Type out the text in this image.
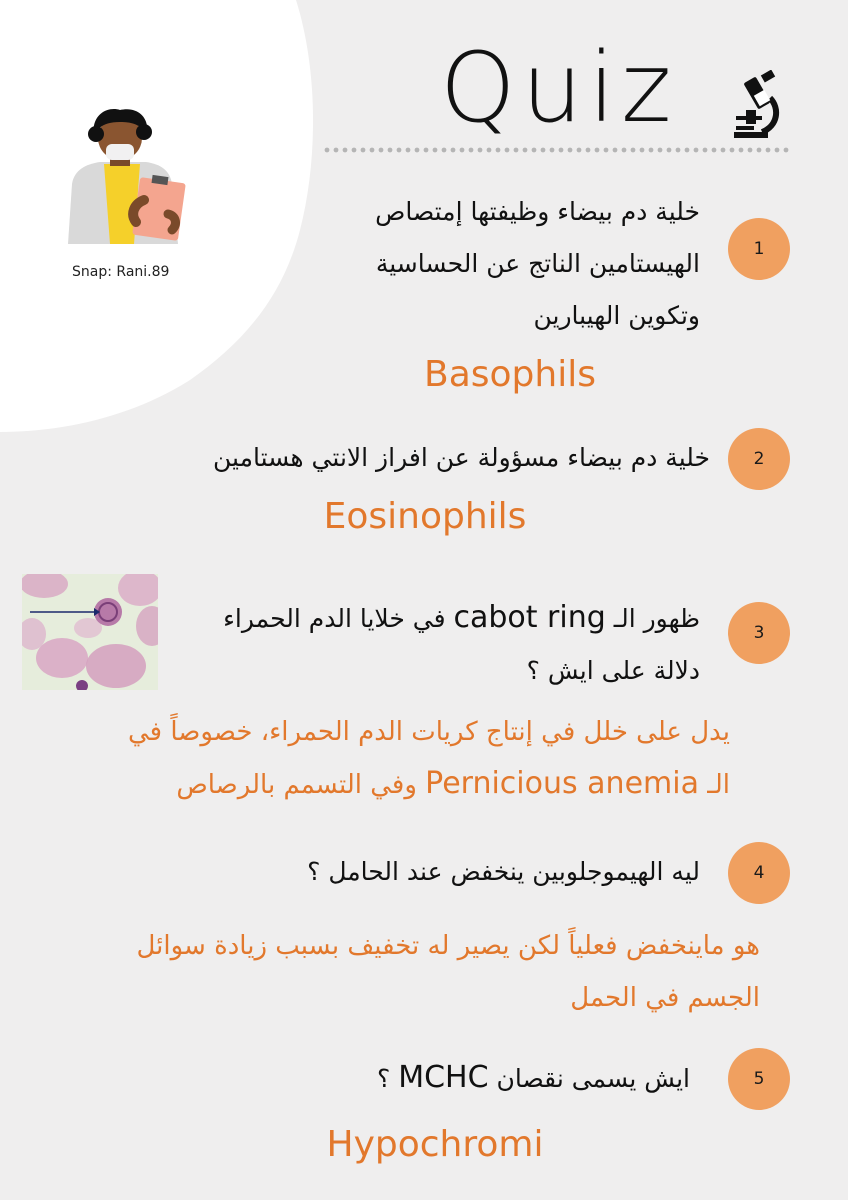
Quiz
Snap: Rani.89
1
خلية دم بيضاء وظيفتها إمتصاص الهيستامين الناتج عن الحساسية وتكوين الهيبارين
Basophils
2
خلية دم بيضاء مسؤولة عن افراز الانتي هستامين
Eosinophils
3
ظهور الـ cabot ring في خلايا الدم الحمراء دلالة على ايش ؟
يدل على خلل في إنتاج كريات الدم الحمراء، خصوصاً في الـ Pernicious anemia وفي التسمم بالرصاص
4
ليه الهيموجلوبين ينخفض عند الحامل ؟
هو ماينخفض فعلياً لكن يصير له تخفيف بسبب زيادة سوائل الجسم في الحمل
5
ايش يسمى نقصان MCHC ؟
Hypochromi
